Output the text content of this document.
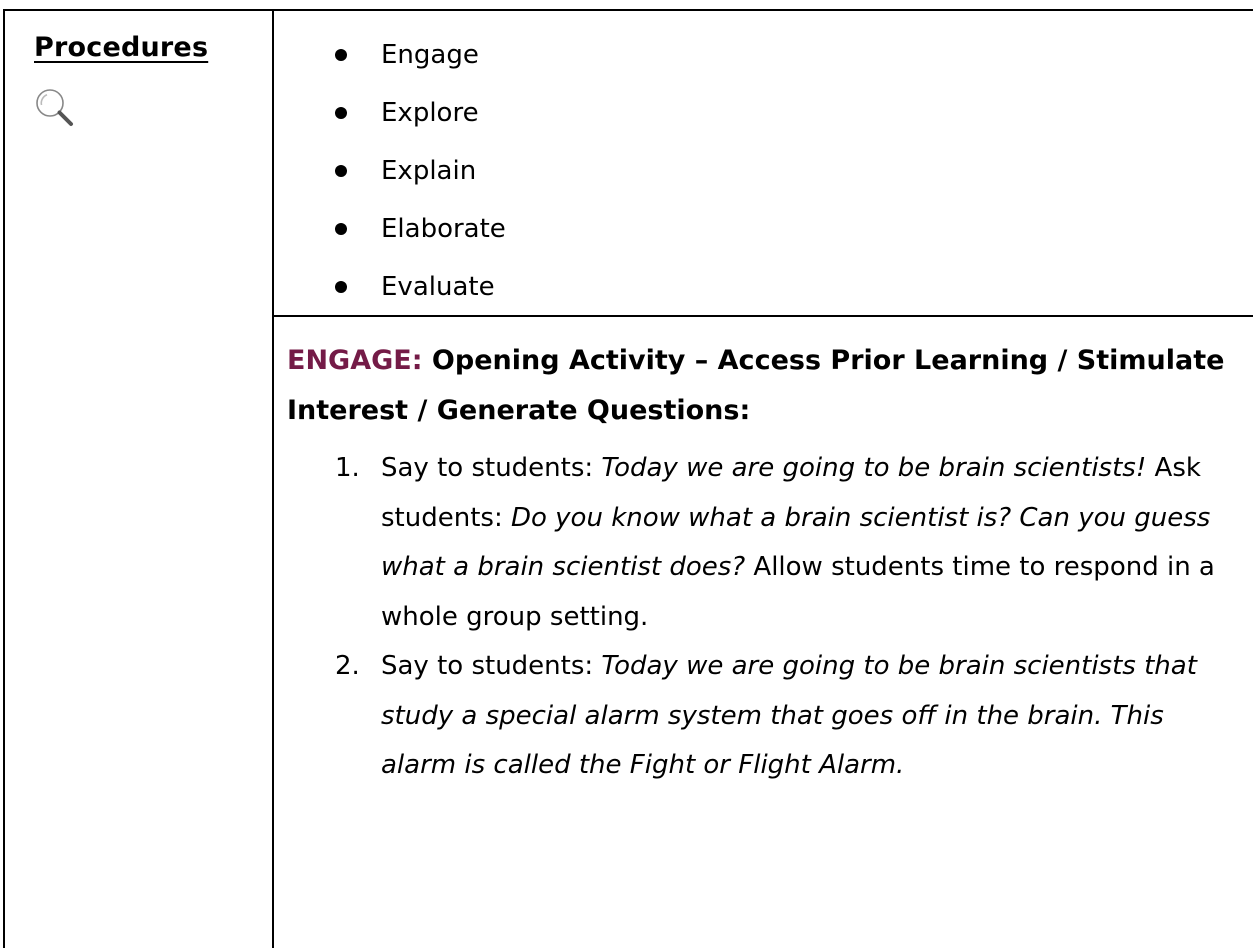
Procedures	Engage
Explore
Explain
Elaborate
Evaluate
ENGAGE: Opening Activity – Access Prior Learning / Stimulate Interest / Generate Questions:
1. Say to students: Today we are going to be brain scientists! Ask students: Do you know what a brain scientist is? Can you guess what a brain scientist does? Allow students time to respond in a whole group setting.
2. Say to students: Today we are going to be brain scientists that study a special alarm system that goes off in the brain. This alarm is called the Fight or Flight Alarm.
